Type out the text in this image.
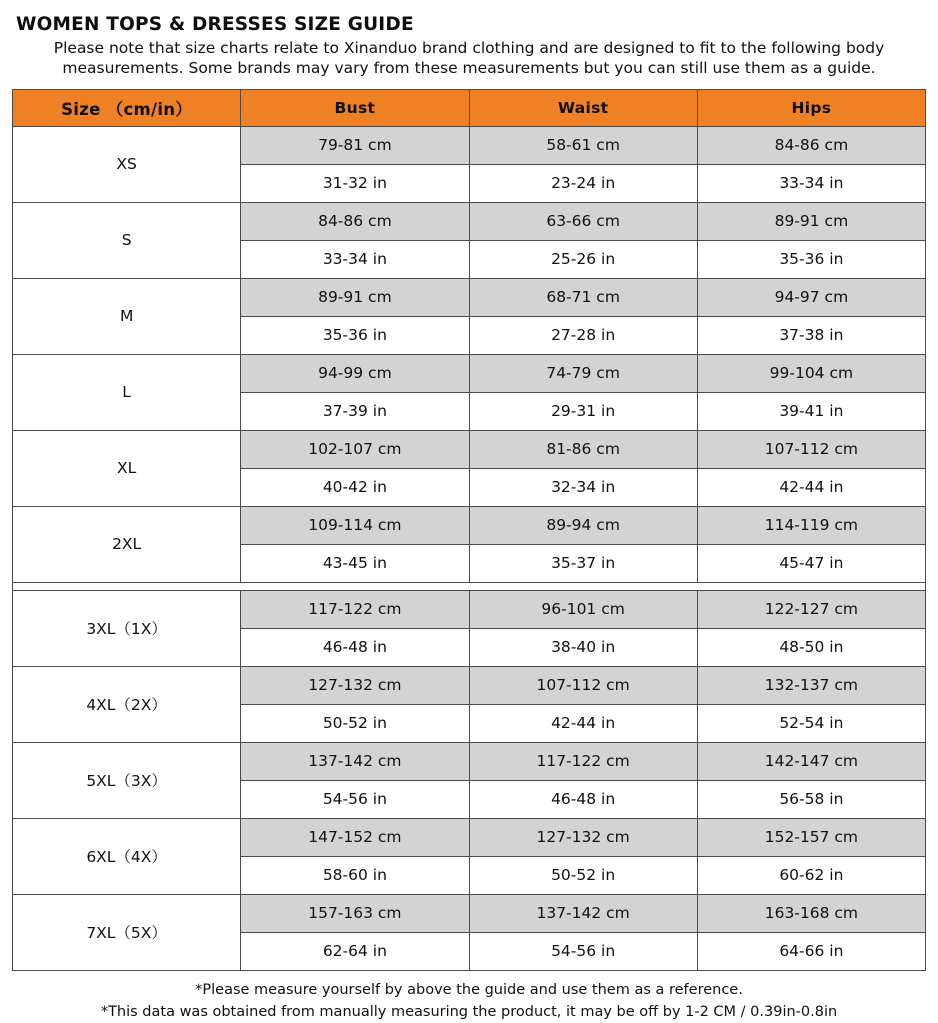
WOMEN TOPS & DRESSES SIZE GUIDE

Please note that size charts relate to Xinanduo brand clothing and are designed to fit to the following body measurements. Some brands may vary from these measurements but you can still use them as a guide.

Size （cm/in）	Bust	Waist	Hips
XS	79-81 cm	58-61 cm	84-86 cm
	31-32 in	23-24 in	33-34 in
S	84-86 cm	63-66 cm	89-91 cm
	33-34 in	25-26 in	35-36 in
M	89-91 cm	68-71 cm	94-97 cm
	35-36 in	27-28 in	37-38 in
L	94-99 cm	74-79 cm	99-104 cm
	37-39 in	29-31 in	39-41 in
XL	102-107 cm	81-86 cm	107-112 cm
	40-42 in	32-34 in	42-44 in
2XL	109-114 cm	89-94 cm	114-119 cm
	43-45 in	35-37 in	45-47 in

3XL（1X）	117-122 cm	96-101 cm	122-127 cm
	46-48 in	38-40 in	48-50 in
4XL（2X）	127-132 cm	107-112 cm	132-137 cm
	50-52 in	42-44 in	52-54 in
5XL（3X）	137-142 cm	117-122 cm	142-147 cm
	54-56 in	46-48 in	56-58 in
6XL（4X）	147-152 cm	127-132 cm	152-157 cm
	58-60 in	50-52 in	60-62 in
7XL（5X）	157-163 cm	137-142 cm	163-168 cm
	62-64 in	54-56 in	64-66 in
*Please measure yourself by above the guide and use them as a reference.
*This data was obtained from manually measuring the product, it may be off by 1-2 CM / 0.39in-0.8in
